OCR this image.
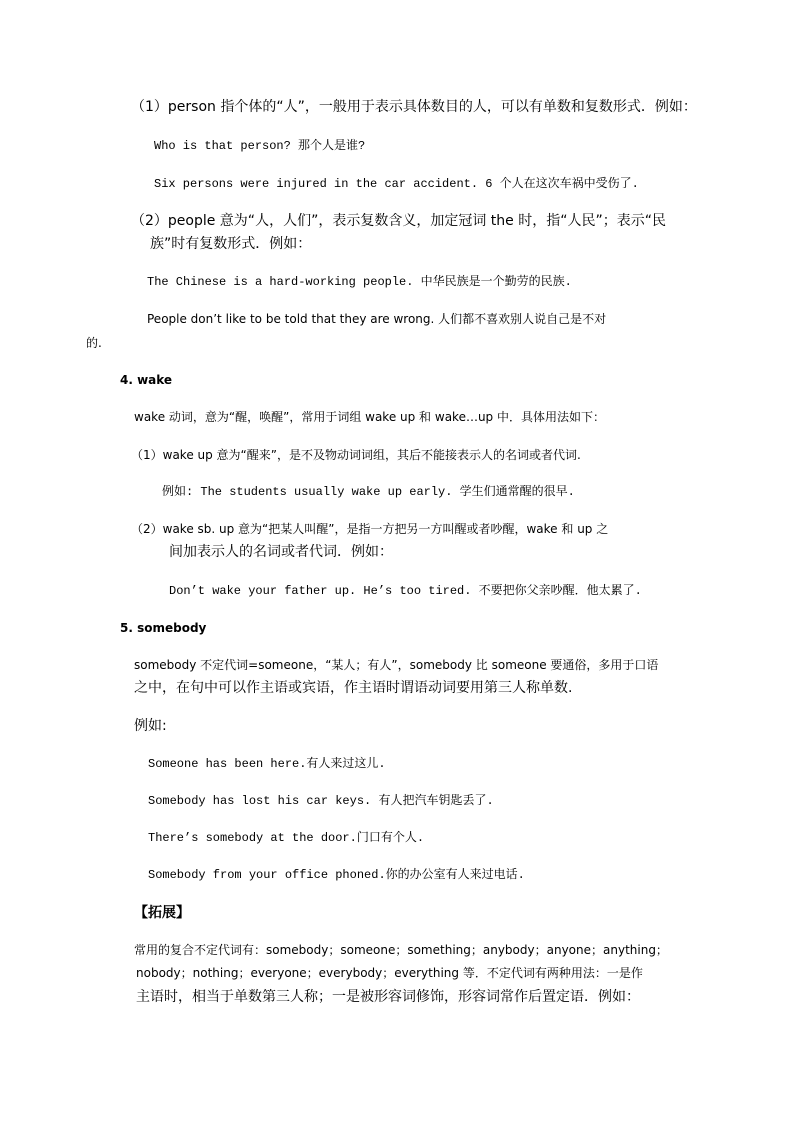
（1）person 指个体的“人”，一般用于表示具体数目的人，可以有单数和复数形式．例如：
Who is that person? 那个人是谁?
Six persons were injured in the car accident. 6 个人在这次车祸中受伤了.
（2）people 意为“人，人们”，表示复数含义，加定冠词 the 时，指“人民”；表示“民
族”时有复数形式．例如：
The Chinese is a hard-working people. 中华民族是一个勤劳的民族.
People don’t like to be told that they are wrong. 人们都不喜欢别人说自己是不对
的.
4. wake
wake 动词，意为“醒，唤醒”，常用于词组 wake up 和 wake…up 中．具体用法如下：
（1）wake up 意为“醒来”，是不及物动词词组，其后不能接表示人的名词或者代词.
例如: The students usually wake up early. 学生们通常醒的很早.
（2）wake sb. up 意为“把某人叫醒”，是指一方把另一方叫醒或者吵醒，wake 和 up 之
间加表示人的名词或者代词．例如：
Don’t wake your father up. He’s too tired. 不要把你父亲吵醒．他太累了.
5. somebody
somebody 不定代词=someone，“某人；有人”，somebody 比 someone 要通俗，多用于口语
之中，在句中可以作主语或宾语，作主语时谓语动词要用第三人称单数.
例如:
Someone has been here.有人来过这儿.
Somebody has lost his car keys. 有人把汽车钥匙丢了.
There’s somebody at the door.门口有个人.
Somebody from your office phoned.你的办公室有人来过电话.
【拓展】
常用的复合不定代词有：somebody；someone；something；anybody；anyone；anything；
nobody；nothing；everyone；everybody；everything 等．不定代词有两种用法：一是作
主语时，相当于单数第三人称；一是被形容词修饰，形容词常作后置定语．例如：
